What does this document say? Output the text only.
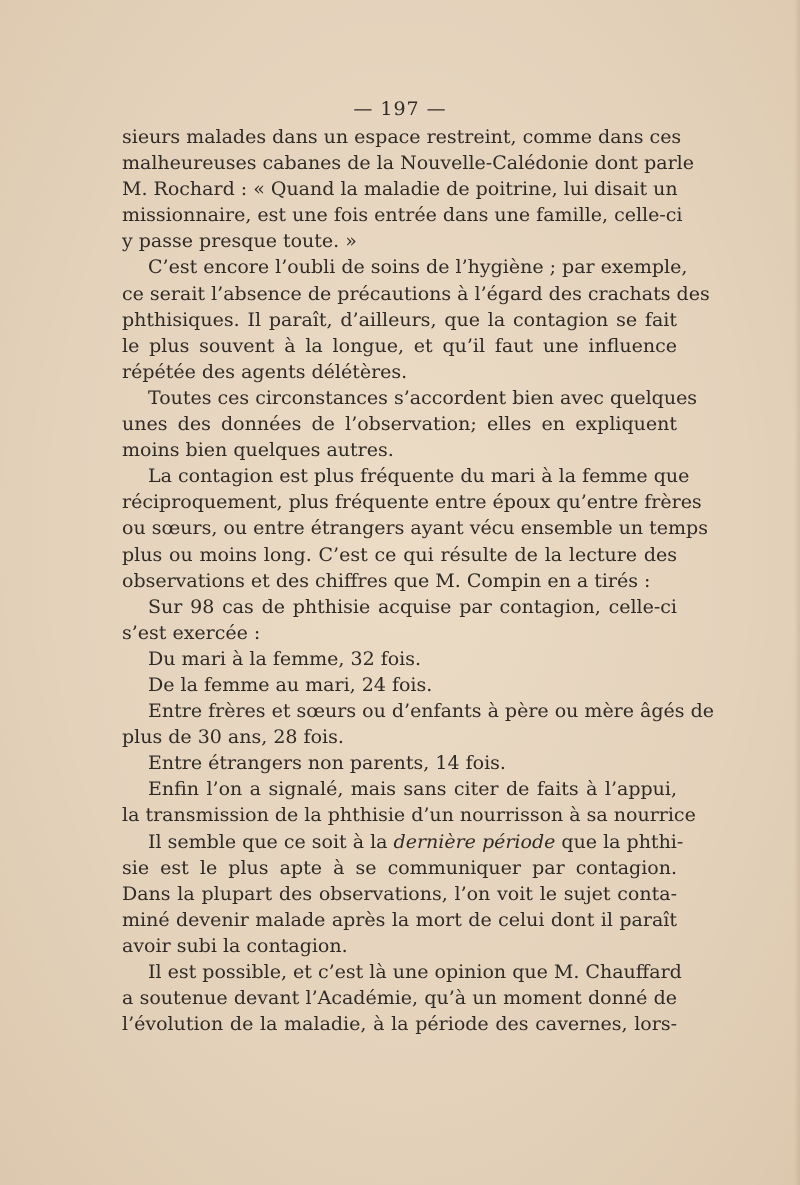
— 197 —
sieurs malades dans un espace restreint, comme dans ces
malheureuses cabanes de la Nouvelle-Calédonie dont parle
M. Rochard : « Quand la maladie de poitrine, lui disait un
missionnaire, est une fois entrée dans une famille, celle-ci
y passe presque toute. »
C’est encore l’oubli de soins de l’hygiène ; par exemple,
ce serait l’absence de précautions à l’égard des crachats des
phthisiques. Il paraît, d’ailleurs, que la contagion se fait
le plus souvent à la longue, et qu’il faut une influence
répétée des agents délétères.
Toutes ces circonstances s’accordent bien avec quelques
unes des données de l’observation; elles en expliquent
moins bien quelques autres.
La contagion est plus fréquente du mari à la femme que
réciproquement, plus fréquente entre époux qu’entre frères
ou sœurs, ou entre étrangers ayant vécu ensemble un temps
plus ou moins long. C’est ce qui résulte de la lecture des
observations et des chiffres que M. Compin en a tirés :
Sur 98 cas de phthisie acquise par contagion, celle-ci
s’est exercée :
Du mari à la femme, 32 fois.
De la femme au mari, 24 fois.
Entre frères et sœurs ou d’enfants à père ou mère âgés de
plus de 30 ans, 28 fois.
Entre étrangers non parents, 14 fois.
Enfin l’on a signalé, mais sans citer de faits à l’appui,
la transmission de la phthisie d’un nourrisson à sa nourrice
Il semble que ce soit à la dernière période que la phthi-
sie est le plus apte à se communiquer par contagion.
Dans la plupart des observations, l’on voit le sujet conta-
miné devenir malade après la mort de celui dont il paraît
avoir subi la contagion.
Il est possible, et c’est là une opinion que M. Chauffard
a soutenue devant l’Académie, qu’à un moment donné de
l’évolution de la maladie, à la période des cavernes, lors-
